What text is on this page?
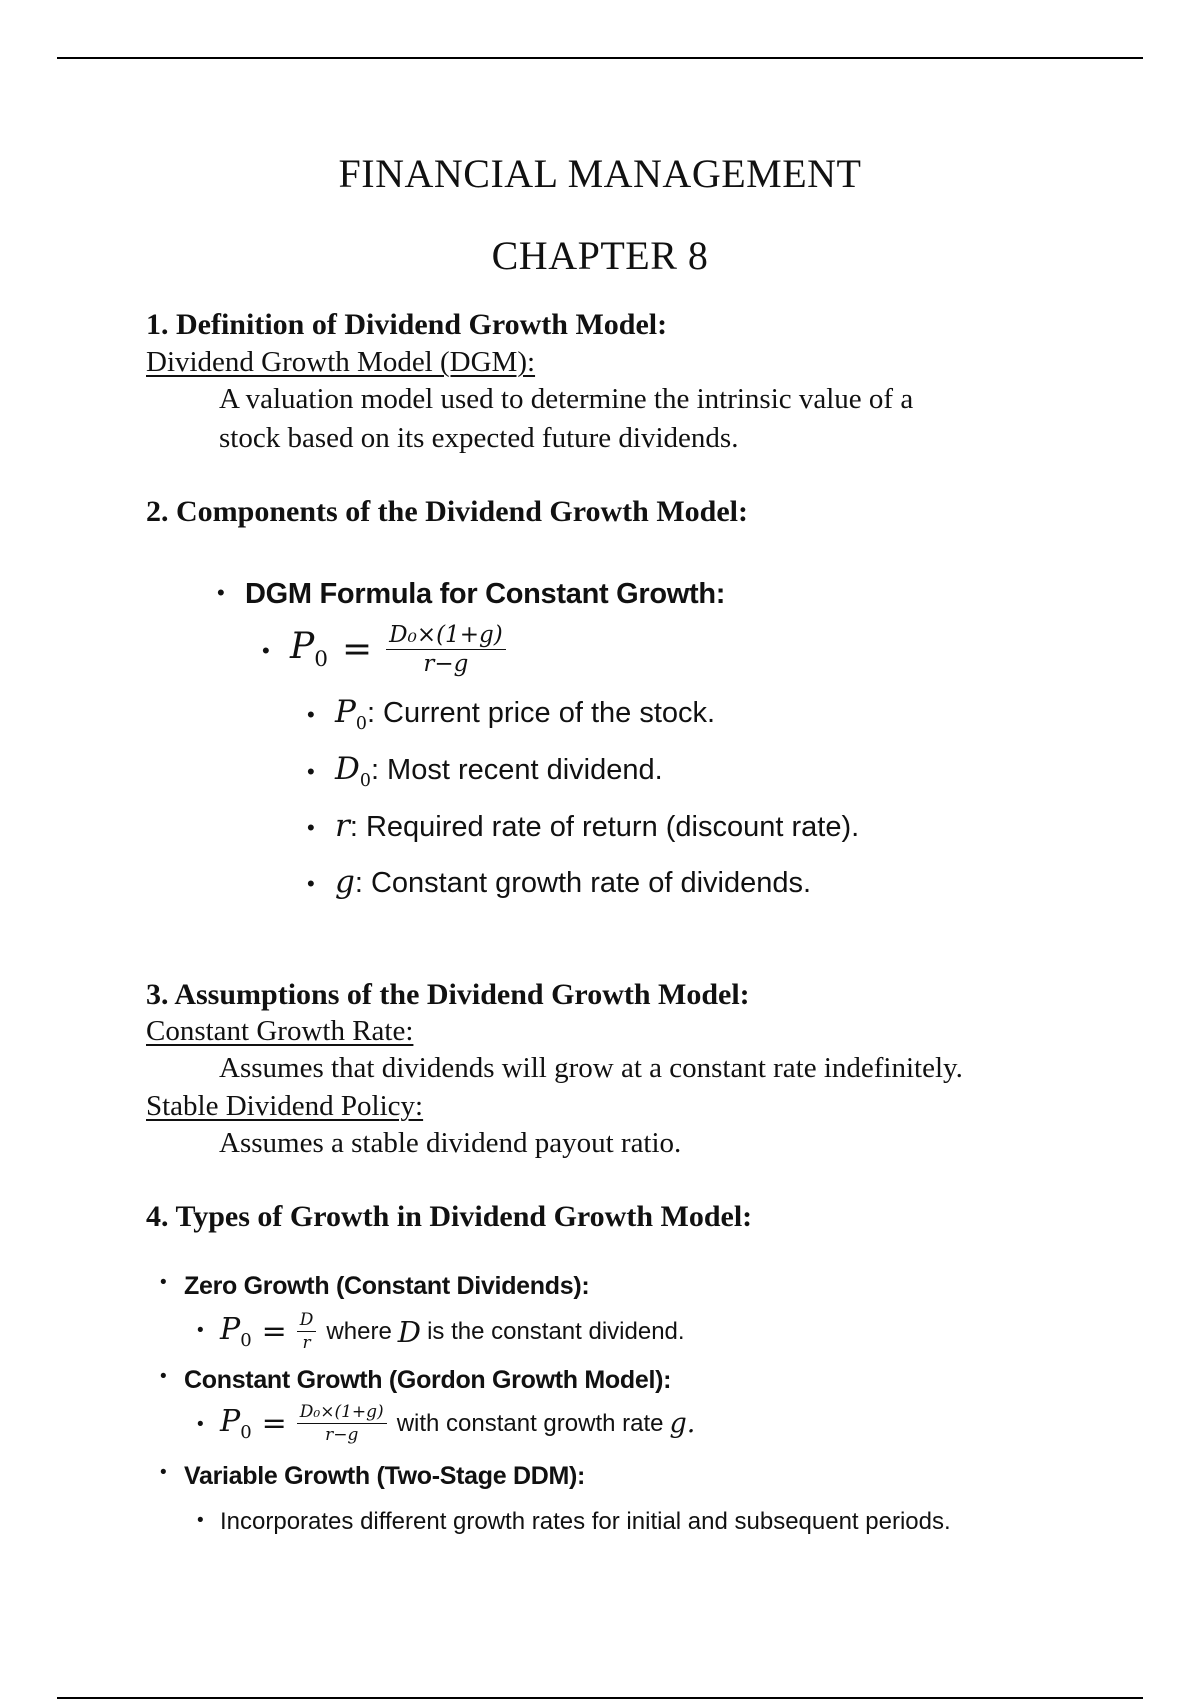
FINANCIAL MANAGEMENT
CHAPTER 8
1. Definition of Dividend Growth Model:
Dividend Growth Model (DGM):
A valuation model used to determine the intrinsic value of a
stock based on its expected future dividends.
2. Components of the Dividend Growth Model:
• DGM Formula for Constant Growth:
• $P_0 = \frac{\text{D₀×(1+g)}}{r-g}$
• $P_0$: Current price of the stock.
• $D_0$: Most recent dividend.
• r: Required rate of return (discount rate).
• g: Constant growth rate of dividends.
3. Assumptions of the Dividend Growth Model:
Constant Growth Rate:
Assumes that dividends will grow at a constant rate indefinitely.
Stable Dividend Policy:
Assumes a stable dividend payout ratio.
4. Types of Growth in Dividend Growth Model:
• Zero Growth (Constant Dividends):
• $P_0 = \frac{D}{r}$ where D is the constant dividend.
• Constant Growth (Gordon Growth Model):
• $P_0 = \frac{\text{D₀×(1+g)}}{r-g}$ with constant growth rate g.
• Variable Growth (Two-Stage DDM):
• Incorporates different growth rates for initial and subsequent periods.
